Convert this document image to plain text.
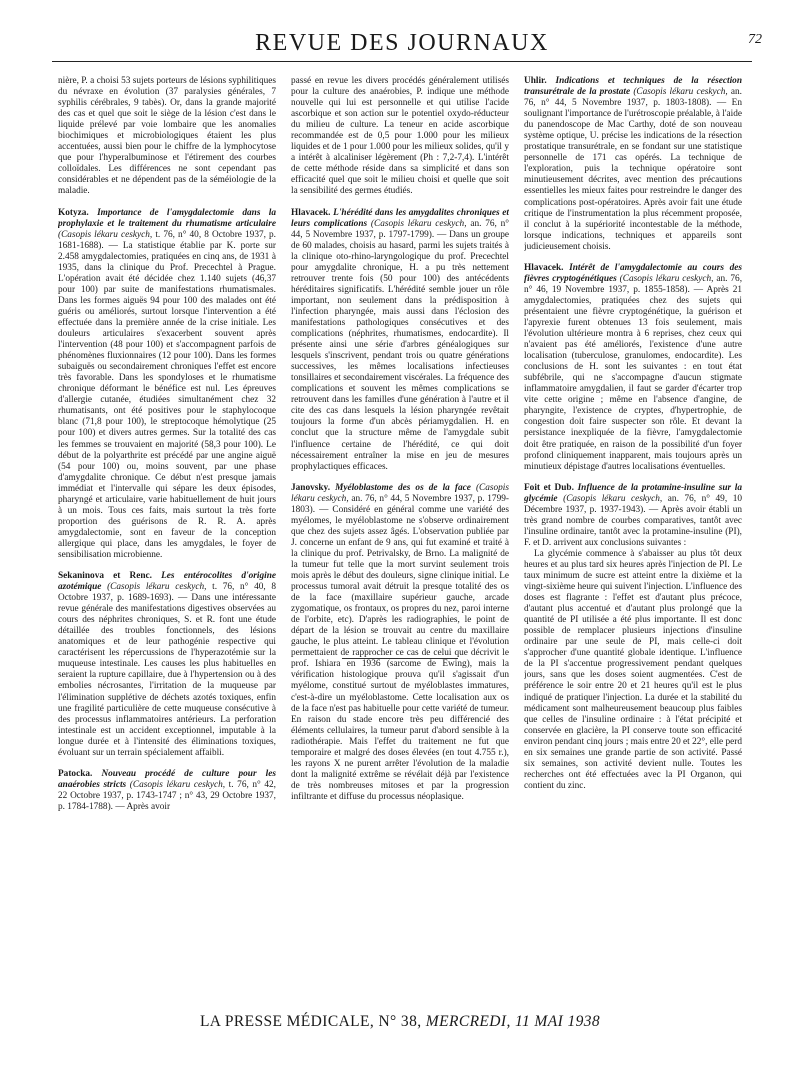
REVUE DES JOURNAUX	72

nière, P. a choisi 53 sujets porteurs de lésions syphilitiques du névraxe en évolution (37 paralysies générales, 7 syphilis cérébrales, 9 tabès). Or, dans la grande majorité des cas et quel que soit le siège de la lésion c'est dans le liquide prélevé par voie lombaire que les anomalies biochimiques et microbiologiques étaient les plus accentuées, aussi bien pour le chiffre de la lymphocytose que pour l'hyperalbuminose et l'étirement des courbes colloïdales. Les différences ne sont cependant pas considérables et ne dépendent pas de la séméiologie de la maladie.

Kotyza. Importance de l'amygdalectomie dans la prophylaxie et le traitement du rhumatisme articulaire (Casopis lékaru ceskych, t. 76, n° 40, 8 Octobre 1937, p. 1681-1688). — La statistique établie par K. porte sur 2.458 amygdalectomies, pratiquées en cinq ans, de 1931 à 1935, dans la clinique du Prof. Precechtel à Prague. L'opération avait été décidée chez 1.140 sujets (46,37 pour 100) par suite de manifestations rhumatismales. Dans les formes aiguës 94 pour 100 des malades ont été guéris ou améliorés, surtout lorsque l'intervention a été effectuée dans la première année de la crise initiale. Les douleurs articulaires s'exacerbent souvent après l'intervention (48 pour 100) et s'accompagnent parfois de phénomènes fluxionnaires (12 pour 100). Dans les formes subaiguës ou secondairement chroniques l'effet est encore très favorable. Dans les spondyloses et le rhumatisme chronique déformant le bénéfice est nul. Les épreuves d'allergie cutanée, étudiées simultanément chez 32 rhumatisants, ont été positives pour le staphylocoque blanc (71,8 pour 100), le streptocoque hémolytique (25 pour 100) et divers autres germes. Sur la totalité des cas les femmes se trouvaient en majorité (58,3 pour 100). Le début de la polyarthrite est précédé par une angine aiguë (54 pour 100) ou, moins souvent, par une phase d'amygdalite chronique. Ce début n'est presque jamais immédiat et l'intervalle qui sépare les deux épisodes, pharyngé et articulaire, varie habituellement de huit jours à un mois. Tous ces faits, mais surtout la très forte proportion des guérisons de R. R. A. après amygdalectomie, sont en faveur de la conception allergique qui place, dans les amygdales, le foyer de sensibilisation microbienne.

Sekaninova et Renc. Les entérocolites d'origine azotémique (Casopis lékaru ceskych, t. 76, n° 40, 8 Octobre 1937, p. 1689-1693). — Dans une intéressante revue générale des manifestations digestives observées au cours des néphrites chroniques, S. et R. font une étude détaillée des troubles fonctionnels, des lésions anatomiques et de leur pathogénie respective qui caractérisent les répercussions de l'hyperazotémie sur la muqueuse intestinale. Les causes les plus habituelles en seraient la rupture capillaire, due à l'hypertension ou à des embolies nécrosantes, l'irritation de la muqueuse par l'élimination supplétive de déchets azotés toxiques, enfin une fragilité particulière de cette muqueuse consécutive à des processus inflammatoires antérieurs. La perforation intestinale est un accident exceptionnel, imputable à la longue durée et à l'intensité des éliminations toxiques, évoluant sur un terrain spécialement affaibli.

Patocka. Nouveau procédé de culture pour les anaérobies stricts (Casopis lékaru ceskych, t. 76, n° 42, 22 Octobre 1937, p. 1743-1747 ; n° 43, 29 Octobre 1937, p. 1784-1788). — Après avoir

passé en revue les divers procédés généralement utilisés pour la culture des anaérobies, P. indique une méthode nouvelle qui lui est personnelle et qui utilise l'acide ascorbique et son action sur le potentiel oxydo-réducteur du milieu de culture. La teneur en acide ascorbique recommandée est de 0,5 pour 1.000 pour les milieux liquides et de 1 pour 1.000 pour les milieux solides, qu'il y a intérêt à alcaliniser légèrement (Ph : 7,2-7,4). L'intérêt de cette méthode réside dans sa simplicité et dans son efficacité quel que soit le milieu choisi et quelle que soit la sensibilité des germes étudiés.

Hlavacek. L'hérédité dans les amygdalites chroniques et leurs complications (Casopis lékaru ceskych, an. 76, n° 44, 5 Novembre 1937, p. 1797-1799). — Dans un groupe de 60 malades, choisis au hasard, parmi les sujets traités à la clinique oto-rhino-laryngologique du prof. Precechtel pour amygdalite chronique, H. a pu très nettement retrouver trente fois (50 pour 100) des antécédents héréditaires significatifs. L'hérédité semble jouer un rôle important, non seulement dans la prédisposition à l'infection pharyngée, mais aussi dans l'éclosion des manifestations pathologiques consécutives et des complications (néphrites, rhumatismes, endocardite). Il présente ainsi une série d'arbres généalogiques sur lesquels s'inscrivent, pendant trois ou quatre générations successives, les mêmes localisations infectieuses tonsillaires et secondairement viscérales. La fréquence des complications et souvent les mêmes complications se retrouvent dans les familles d'une génération à l'autre et il cite des cas dans lesquels la lésion pharyngée revêtait toujours la forme d'un abcès périamygdalien. H. en conclut que la structure même de l'amygdale subit l'influence certaine de l'hérédité, ce qui doit nécessairement entraîner la mise en jeu de mesures prophylactiques efficaces.

Janovsky. Myéloblastome des os de la face (Casopis lékaru ceskych, an. 76, n° 44, 5 Novembre 1937, p. 1799-1803). — Considéré en général comme une variété des myélomes, le myéloblastome ne s'observe ordinairement que chez des sujets assez âgés. L'observation publiée par J. concerne un enfant de 9 ans, qui fut examiné et traité à la clinique du prof. Petrivalsky, de Brno. La malignité de la tumeur fut telle que la mort survint seulement trois mois après le début des douleurs, signe clinique initial. Le processus tumoral avait détruit la presque totalité des os de la face (maxillaire supérieur gauche, arcade zygomatique, os frontaux, os propres du nez, paroi interne de l'orbite, etc). D'après les radiographies, le point de départ de la lésion se trouvait au centre du maxillaire gauche, le plus atteint. Le tableau clinique et l'évolution permettaient de rapprocher ce cas de celui que décrivit le prof. Ishiara en 1936 (sarcome de Ewing), mais la vérification histologique prouva qu'il s'agissait d'un myélome, constitué surtout de myéloblastes immatures, c'est-à-dire un myéloblastome. Cette localisation aux os de la face n'est pas habituelle pour cette variété de tumeur. En raison du stade encore très peu différencié des éléments cellulaires, la tumeur parut d'abord sensible à la radiothérapie. Mais l'effet du traitement ne fut que temporaire et malgré des doses élevées (en tout 4.755 r.), les rayons X ne purent arrêter l'évolution de la maladie dont la malignité extrême se révélait déjà par l'existence de très nombreuses mitoses et par la progression infiltrante et diffuse du processus néoplasique.

Uhlir. Indications et techniques de la résection transurétrale de la prostate (Casopis lékaru ceskych, an. 76, n° 44, 5 Novembre 1937, p. 1803-1808). — En soulignant l'importance de l'urétroscopie préalable, à l'aide du panendoscope de Mac Carthy, doté de son nouveau système optique, U. précise les indications de la résection prostatique transurétrale, en se fondant sur une statistique personnelle de 171 cas opérés. La technique de l'exploration, puis la technique opératoire sont minutieusement décrites, avec mention des précautions essentielles les mieux faites pour restreindre le danger des complications post-opératoires. Après avoir fait une étude critique de l'instrumentation la plus récemment proposée, il conclut à la supériorité incontestable de la méthode, lorsque indications, techniques et appareils sont judicieusement choisis.

Hlavacek. Intérêt de l'amygdalectomie au cours des fièvres cryptogénétiques (Casopis lékaru ceskych, an. 76, n° 46, 19 Novembre 1937, p. 1855-1858). — Après 21 amygdalectomies, pratiquées chez des sujets qui présentaient une fièvre cryptogénétique, la guérison et l'apyrexie furent obtenues 13 fois seulement, mais l'évolution ultérieure montra à 6 reprises, chez ceux qui n'avaient pas été améliorés, l'existence d'une autre localisation (tuberculose, granulomes, endocardite). Les conclusions de H. sont les suivantes : en tout état subfébrile, qui ne s'accompagne d'aucun stigmate inflammatoire amygdalien, il faut se garder d'écarter trop vite cette origine ; même en l'absence d'angine, de pharyngite, l'existence de cryptes, d'hypertrophie, de congestion doit faire suspecter son rôle. Et devant la persistance inexpliquée de la fièvre, l'amygdalectomie doit être pratiquée, en raison de la possibilité d'un foyer profond cliniquement inapparent, mais toujours après un minutieux dépistage d'autres localisations éventuelles.

Foit et Dub. Influence de la protamine-insuline sur la glycémie (Casopis lékaru ceskych, an. 76, n° 49, 10 Décembre 1937, p. 1937-1943). — Après avoir établi un très grand nombre de courbes comparatives, tantôt avec l'insuline ordinaire, tantôt avec la protamine-insuline (PI), F. et D. arrivent aux conclusions suivantes :

La glycémie commence à s'abaisser au plus tôt deux heures et au plus tard six heures après l'injection de PI. Le taux minimum de sucre est atteint entre la dixième et la vingt-sixième heure qui suivent l'injection. L'influence des doses est flagrante : l'effet est d'autant plus précoce, d'autant plus accentué et d'autant plus prolongé que la quantité de PI utilisée a été plus importante. Il est donc possible de remplacer plusieurs injections d'insuline ordinaire par une seule de PI, mais celle-ci doit s'approcher d'une quantité globale identique. L'influence de la PI s'accentue progressivement pendant quelques jours, sans que les doses soient augmentées. C'est de préférence le soir entre 20 et 21 heures qu'il est le plus indiqué de pratiquer l'injection. La durée et la stabilité du médicament sont malheureusement beaucoup plus faibles que celles de l'insuline ordinaire : à l'état précipité et conservée en glacière, la PI conserve toute son efficacité environ pendant cinq jours ; mais entre 20 et 22°, elle perd en six semaines une grande partie de son activité. Passé six semaines, son activité devient nulle. Toutes les recherches ont été effectuées avec la PI Organon, qui contient du zinc.

LA PRESSE MÉDICALE, N° 38, MERCREDI, 11 MAI 1938
